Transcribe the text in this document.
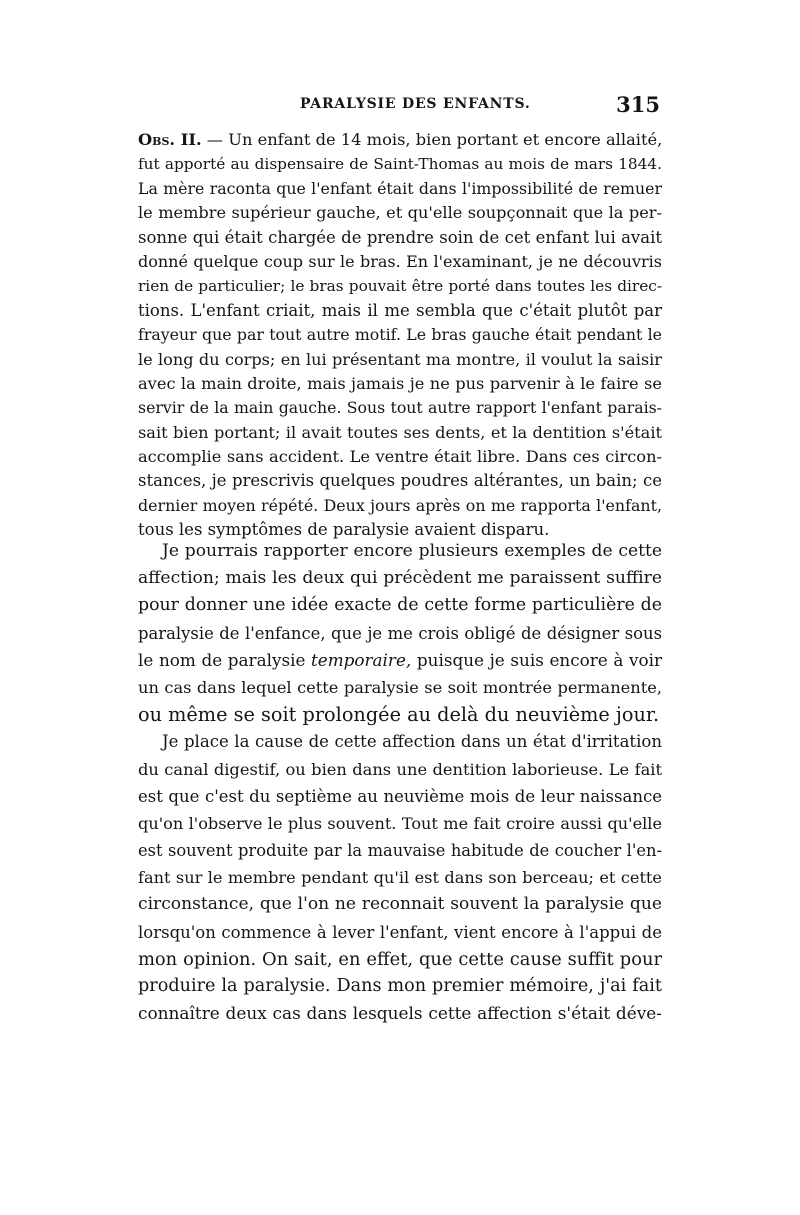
PARALYSIE DES ENFANTS.	315
Obs. II. — Un enfant de 14 mois, bien portant et encore allaité,
fut apporté au dispensaire de Saint-Thomas au mois de mars 1844.
La mère raconta que l'enfant était dans l'impossibilité de remuer
le membre supérieur gauche, et qu'elle soupçonnait que la per-
sonne qui était chargée de prendre soin de cet enfant lui avait
donné quelque coup sur le bras. En l'examinant, je ne découvris
rien de particulier; le bras pouvait être porté dans toutes les direc-
tions. L'enfant criait, mais il me sembla que c'était plutôt par
frayeur que par tout autre motif. Le bras gauche était pendant le
le long du corps; en lui présentant ma montre, il voulut la saisir
avec la main droite, mais jamais je ne pus parvenir à le faire se
servir de la main gauche. Sous tout autre rapport l'enfant parais-
sait bien portant; il avait toutes ses dents, et la dentition s'était
accomplie sans accident. Le ventre était libre. Dans ces circon-
stances, je prescrivis quelques poudres altérantes, un bain; ce
dernier moyen répété. Deux jours après on me rapporta l'enfant,
tous les symptômes de paralysie avaient disparu.
Je pourrais rapporter encore plusieurs exemples de cette
affection; mais les deux qui précèdent me paraissent suffire
pour donner une idée exacte de cette forme particulière de
paralysie de l'enfance, que je me crois obligé de désigner sous
le nom de paralysie temporaire, puisque je suis encore à voir
un cas dans lequel cette paralysie se soit montrée permanente,
ou même se soit prolongée au delà du neuvième jour.
Je place la cause de cette affection dans un état d'irritation
du canal digestif, ou bien dans une dentition laborieuse. Le fait
est que c'est du septième au neuvième mois de leur naissance
qu'on l'observe le plus souvent. Tout me fait croire aussi qu'elle
est souvent produite par la mauvaise habitude de coucher l'en-
fant sur le membre pendant qu'il est dans son berceau; et cette
circonstance, que l'on ne reconnait souvent la paralysie que
lorsqu'on commence à lever l'enfant, vient encore à l'appui de
mon opinion. On sait, en effet, que cette cause suffit pour
produire la paralysie. Dans mon premier mémoire, j'ai fait
connaître deux cas dans lesquels cette affection s'était déve-
